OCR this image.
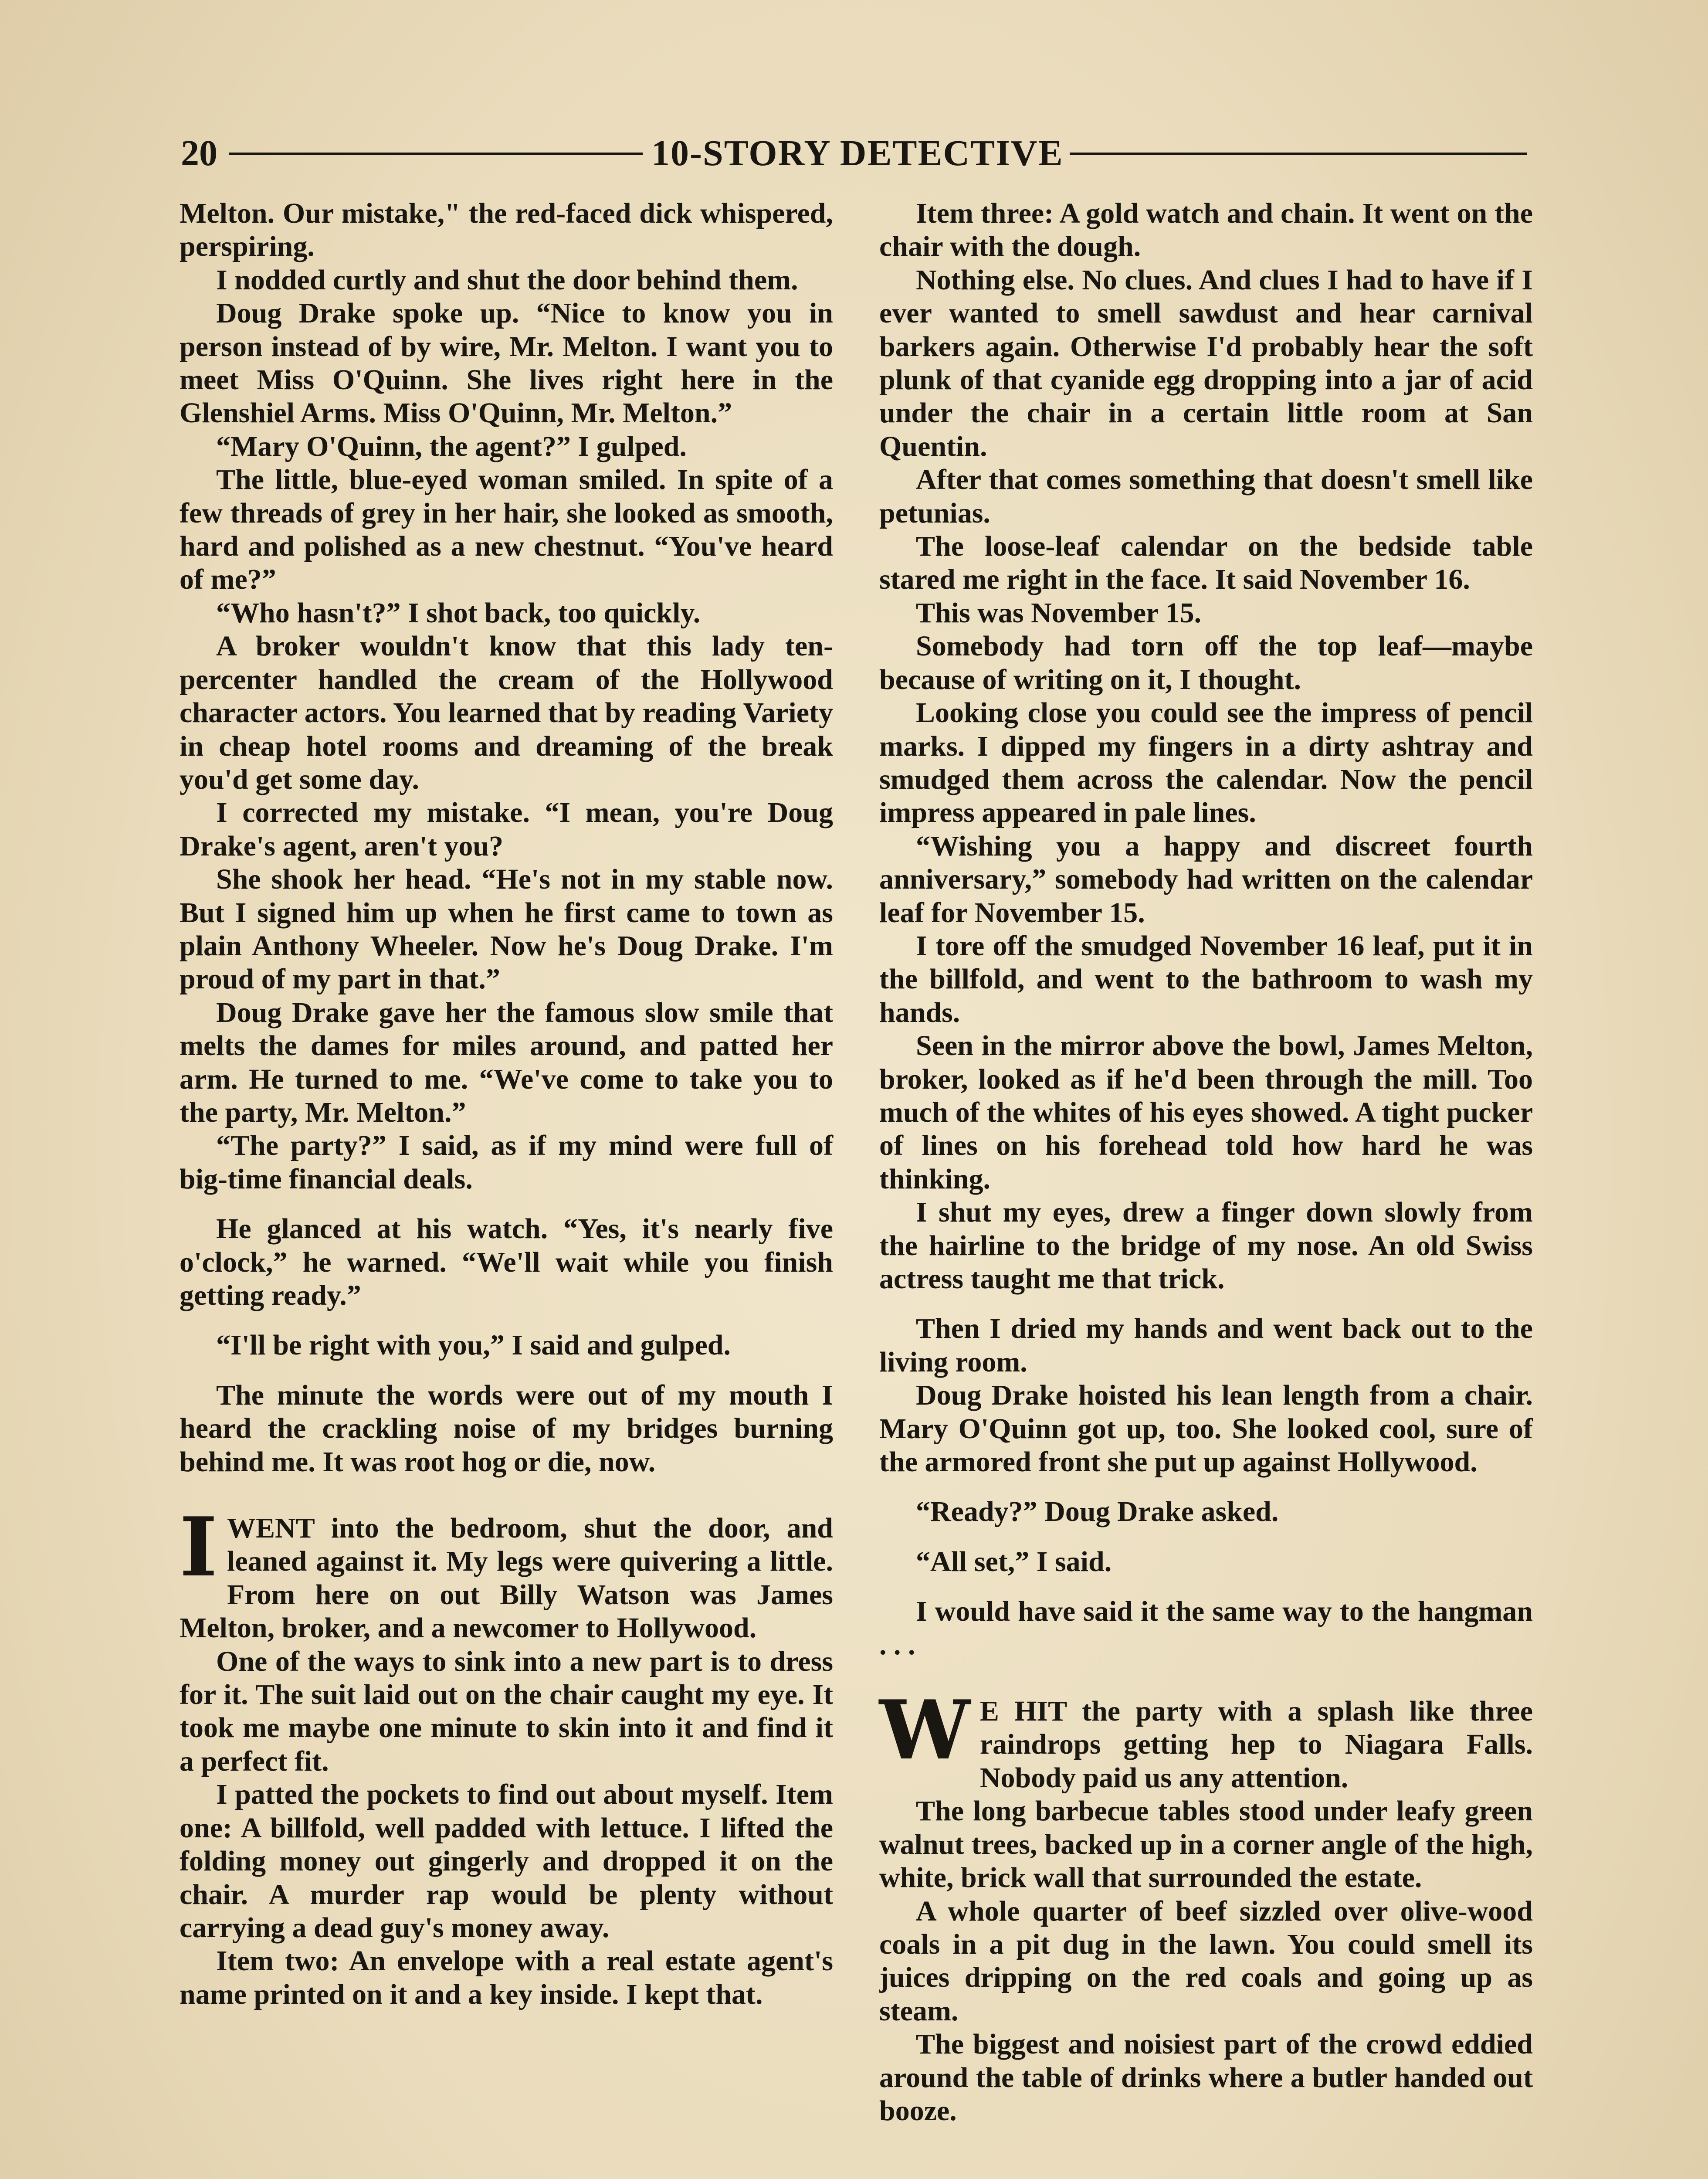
20	10-STORY DETECTIVE

Melton. Our mistake," the red-faced dick whispered, perspiring.

I nodded curtly and shut the door behind them.

Doug Drake spoke up. “Nice to know you in person instead of by wire, Mr. Melton. I want you to meet Miss O'Quinn. She lives right here in the Glenshiel Arms. Miss O'Quinn, Mr. Melton.”

“Mary O'Quinn, the agent?” I gulped.

The little, blue-eyed woman smiled. In spite of a few threads of grey in her hair, she looked as smooth, hard and polished as a new chestnut. “You've heard of me?”

“Who hasn't?” I shot back, too quickly.

A broker wouldn't know that this lady ten-percenter handled the cream of the Hollywood character actors. You learned that by reading Variety in cheap hotel rooms and dreaming of the break you'd get some day.

I corrected my mistake. “I mean, you're Doug Drake's agent, aren't you?

She shook her head. “He's not in my stable now. But I signed him up when he first came to town as plain Anthony Wheeler. Now he's Doug Drake. I'm proud of my part in that.”

Doug Drake gave her the famous slow smile that melts the dames for miles around, and patted her arm. He turned to me. “We've come to take you to the party, Mr. Melton.”

“The party?” I said, as if my mind were full of big-time financial deals.

He glanced at his watch. “Yes, it's nearly five o'clock,” he warned. “We'll wait while you finish getting ready.”

“I'll be right with you,” I said and gulped.

The minute the words were out of my mouth I heard the crackling noise of my bridges burning behind me. It was root hog or die, now.

IWENT into the bedroom, shut the door, and leaned against it. My legs were quivering a little. From here on out Billy Watson was James Melton, broker, and a newcomer to Hollywood.

One of the ways to sink into a new part is to dress for it. The suit laid out on the chair caught my eye. It took me maybe one minute to skin into it and find it a perfect fit.

I patted the pockets to find out about myself. Item one: A billfold, well padded with lettuce. I lifted the folding money out gingerly and dropped it on the chair. A murder rap would be plenty without carrying a dead guy's money away.

Item two: An envelope with a real estate agent's name printed on it and a key inside. I kept that.

Item three: A gold watch and chain. It went on the chair with the dough.

Nothing else. No clues. And clues I had to have if I ever wanted to smell sawdust and hear carnival barkers again. Otherwise I'd probably hear the soft plunk of that cyanide egg dropping into a jar of acid under the chair in a certain little room at San Quentin.

After that comes something that doesn't smell like petunias.

The loose-leaf calendar on the bedside table stared me right in the face. It said November 16.

This was November 15.

Somebody had torn off the top leaf—maybe because of writing on it, I thought.

Looking close you could see the impress of pencil marks. I dipped my fingers in a dirty ashtray and smudged them across the calendar. Now the pencil impress appeared in pale lines.

“Wishing you a happy and discreet fourth anniversary,” somebody had written on the calendar leaf for November 15.

I tore off the smudged November 16 leaf, put it in the billfold, and went to the bathroom to wash my hands.

Seen in the mirror above the bowl, James Melton, broker, looked as if he'd been through the mill. Too much of the whites of his eyes showed. A tight pucker of lines on his forehead told how hard he was thinking.

I shut my eyes, drew a finger down slowly from the hairline to the bridge of my nose. An old Swiss actress taught me that trick.

Then I dried my hands and went back out to the living room.

Doug Drake hoisted his lean length from a chair. Mary O'Quinn got up, too. She looked cool, sure of the armored front she put up against Hollywood.

“Ready?” Doug Drake asked.

“All set,” I said.

I would have said it the same way to the hangman . . .

W E HIT the party with a splash like three raindrops getting hep to Niagara Falls. Nobody paid us any attention.

The long barbecue tables stood under leafy green walnut trees, backed up in a corner angle of the high, white, brick wall that surrounded the estate.

A whole quarter of beef sizzled over olive-wood coals in a pit dug in the lawn. You could smell its juices dripping on the red coals and going up as steam.

The biggest and noisiest part of the crowd eddied around the table of drinks where a butler handed out booze.
